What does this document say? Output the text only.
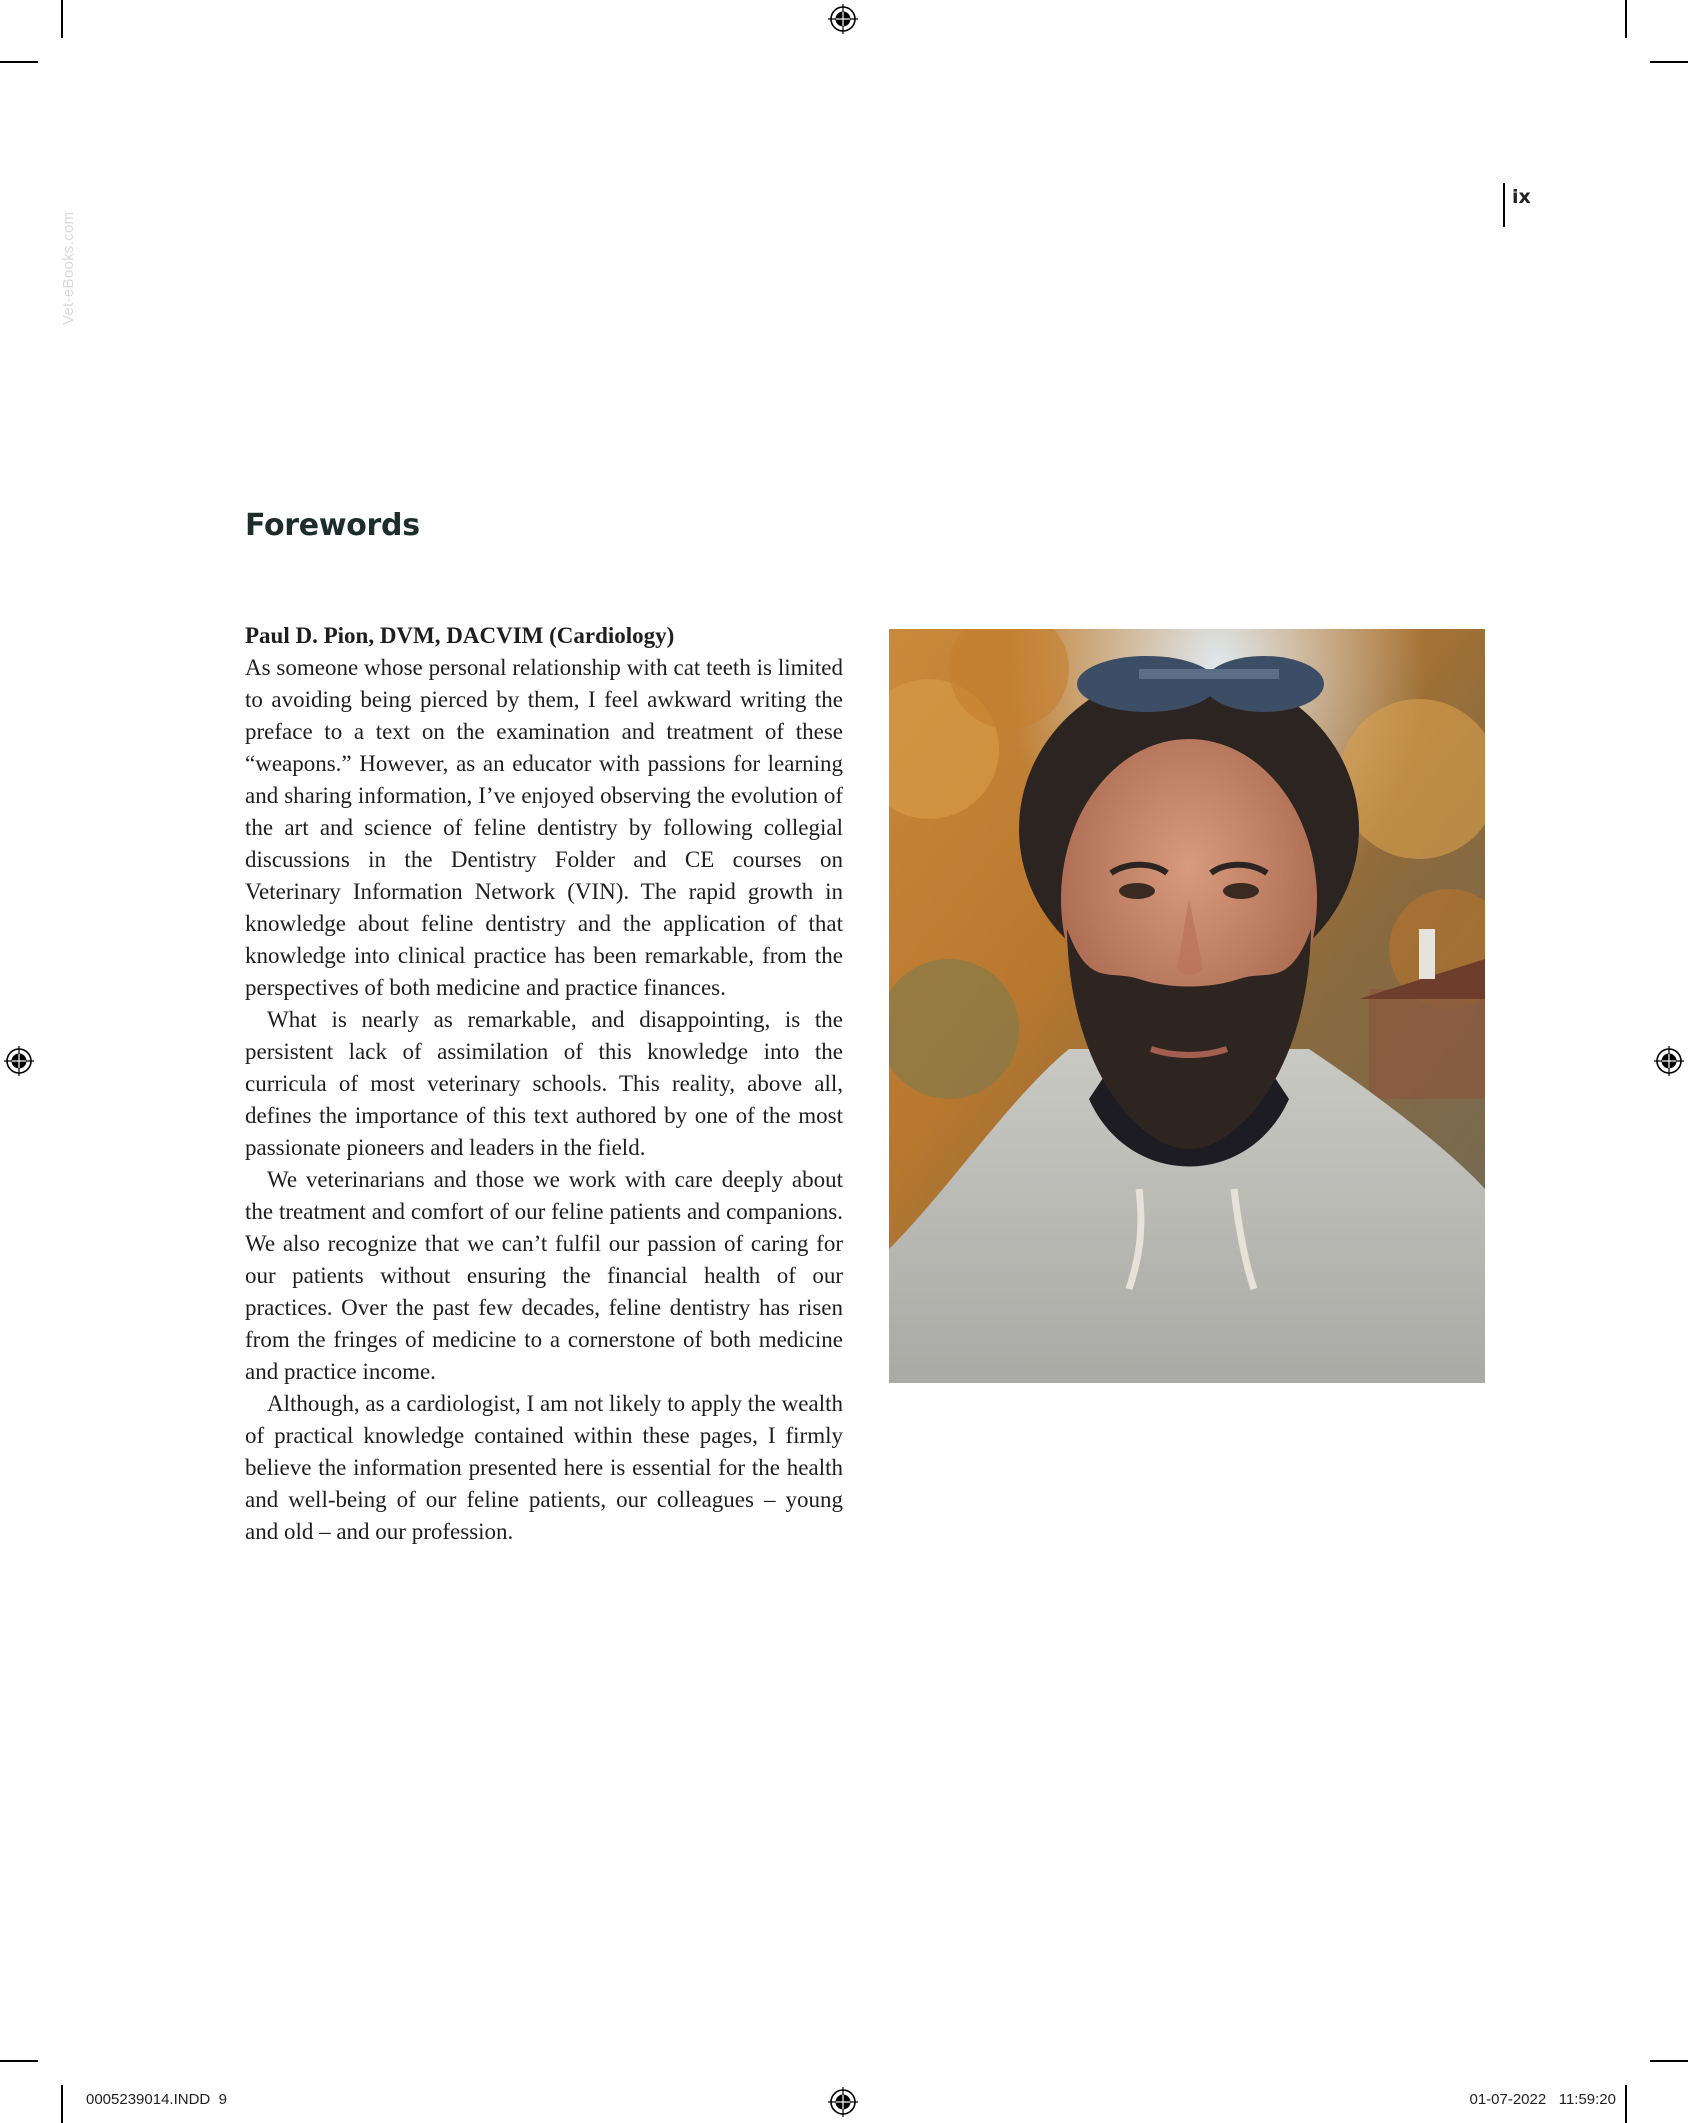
Vet-eBooks.com
ix
Forewords

Paul D. Pion, DVM, DACVIM (Cardiology)

As someone whose personal relationship with cat teeth is limited to avoiding being pierced by them, I feel awkward writing the preface to a text on the examination and treatment of these “weapons.” However, as an educator with passions for learning and sharing information, I’ve enjoyed observing the evolution of the art and science of feline dentistry by following collegial discussions in the Dentistry Folder and CE courses on Veterinary Information Network (VIN). The rapid growth in knowledge about feline dentistry and the application of that knowledge into clinical practice has been remarkable, from the perspectives of both medicine and practice finances.

What is nearly as remarkable, and disappointing, is the persistent lack of assimilation of this knowledge into the curricula of most veterinary schools. This reality, above all, defines the importance of this text authored by one of the most passionate pioneers and leaders in the field.

We veterinarians and those we work with care deeply about the treatment and comfort of our feline patients and companions. We also recognize that we can’t fulfil our passion of caring for our patients without ensuring the financial health of our practices. Over the past few decades, feline dentistry has risen from the fringes of medicine to a cornerstone of both medicine and practice income.

Although, as a cardiologist, I am not likely to apply the wealth of practical knowledge contained within these pages, I firmly believe the information presented here is essential for the health and well-being of our feline patients, our colleagues – young and old – and our profession.

0005239014.INDD  9	01-07-2022   11:59:20
